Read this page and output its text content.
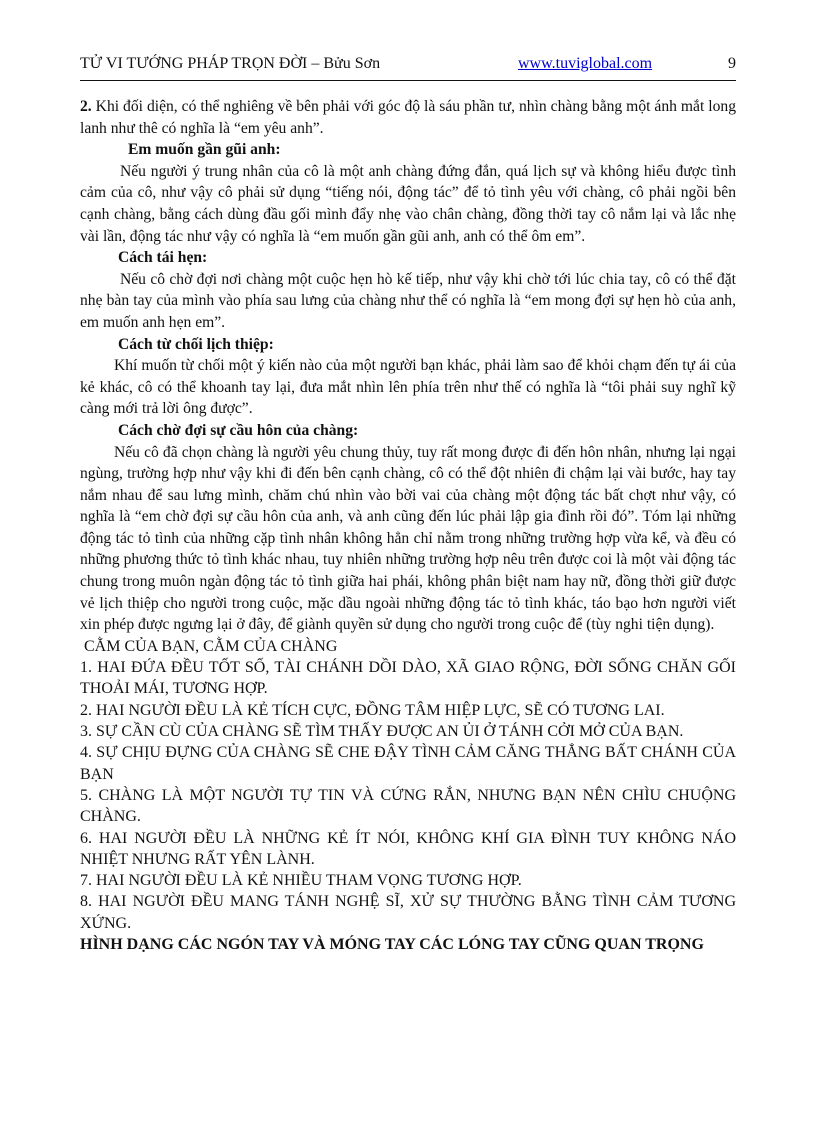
TỬ VI TƯỚNG PHÁP TRỌN ĐỜI – Bửu Sơn	www.tuviglobal.com	9

2. Khi đối diện, có thể nghiêng về bên phải với góc độ là sáu phần tư, nhìn chàng bằng một ánh mắt long lanh như thê có nghĩa là “em yêu anh”.

Em muốn gần gũi anh:

Nếu người ý trung nhân của cô là một anh chàng đứng đắn, quá lịch sự và không hiểu được tình cảm của cô, như vậy cô phải sử dụng “tiếng nói, động tác” để tỏ tình yêu với chàng, cô phải ngồi bên cạnh chàng, bằng cách dùng đầu gối mình đẩy nhẹ vào chân chàng, đồng thời tay cô nắm lại và lắc nhẹ vài lần, động tác như vậy có nghĩa là “em muốn gần gũi anh, anh có thể ôm em”.

Cách tái hẹn:

Nếu cô chờ đợi nơi chàng một cuộc hẹn hò kế tiếp, như vậy khi chờ tới lúc chia tay, cô có thể đặt nhẹ bàn tay của mình vào phía sau lưng của chàng như thể có nghĩa là “em mong đợi sự hẹn hò của anh, em muốn anh hẹn em”.

Cách từ chối lịch thiệp:

Khí muốn từ chối một ý kiến nào của một người bạn khác, phải làm sao để khỏi chạm đến tự ái của kẻ khác, cô có thể khoanh tay lại, đưa mắt nhìn lên phía trên như thế có nghĩa là “tôi phải suy nghĩ kỹ càng mới trả lời ông được”.

Cách chờ đợi sự cầu hôn của chàng:

Nếu cô đã chọn chàng là người yêu chung thủy, tuy rất mong được đi đến hôn nhân, nhưng lại ngại ngùng, trường hợp như vậy khi đi đến bên cạnh chàng, cô có thể đột nhiên đi chậm lại vài bước, hay tay nắm nhau để sau lưng mình, chăm chú nhìn vào bời vai của chàng một động tác bất chợt như vậy, có nghĩa là “em chờ đợi sự cầu hôn của anh, và anh cũng đến lúc phải lập gia đình rồi đó”. Tóm lại những động tác tỏ tình của những cặp tình nhân không hẳn chỉ nằm trong những trường hợp vừa kể, và đều có những phương thức tỏ tình khác nhau, tuy nhiên những trường hợp nêu trên được coi là một vài động tác chung trong muôn ngàn động tác tỏ tình giữa hai phái, không phân biệt nam hay nữ, đồng thời giữ được vẻ lịch thiệp cho người trong cuộc, mặc dầu ngoài những động tác tỏ tình khác, táo bạo hơn người viết xin phép được ngưng lại ở đây, để giành quyền sử dụng cho người trong cuộc để (tùy nghi tiện dụng).

CẰM CỦA BẠN, CẰM CỦA CHÀNG

1. HAI ĐỨA ĐỀU TỐT SỐ, TÀI CHÁNH DỒI DÀO, XÃ GIAO RỘNG, ĐỜI SỐNG CHĂN GỐI THOẢI MÁI, TƯƠNG HỢP.

2. HAI NGƯỜI ĐỀU LÀ KẺ TÍCH CỰC, ĐỒNG TÂM HIỆP LỰC, SẼ CÓ TƯƠNG LAI.

3. SỰ CẦN CÙ CỦA CHÀNG SẼ TÌM THẤY ĐƯỢC AN ỦI Ở TÁNH CỞI MỞ CỦA BẠN.

4. SỰ CHỊU ĐỰNG CỦA CHÀNG SẼ CHE ĐẬY TÌNH CẢM CĂNG THẲNG BẤT CHÁNH CỦA BẠN

5. CHÀNG LÀ MỘT NGƯỜI TỰ TIN VÀ CỨNG RẮN, NHƯNG BẠN NÊN CHÌU CHUỘNG CHÀNG.

6. HAI NGƯỜI ĐỀU LÀ NHỮNG KẺ ÍT NÓI, KHÔNG KHÍ GIA ĐÌNH TUY KHÔNG NÁO NHIỆT NHƯNG RẤT YÊN LÀNH.

7. HAI NGƯỜI ĐỀU LÀ KẺ NHIỀU THAM VỌNG TƯƠNG HỢP.

8. HAI NGƯỜI ĐỀU MANG TÁNH NGHỆ SĨ, XỬ SỰ THƯỜNG BẰNG TÌNH CẢM TƯƠNG XỨNG.

HÌNH DẠNG CÁC NGÓN TAY VÀ MÓNG TAY CÁC LÓNG TAY CŨNG QUAN TRỌNG
